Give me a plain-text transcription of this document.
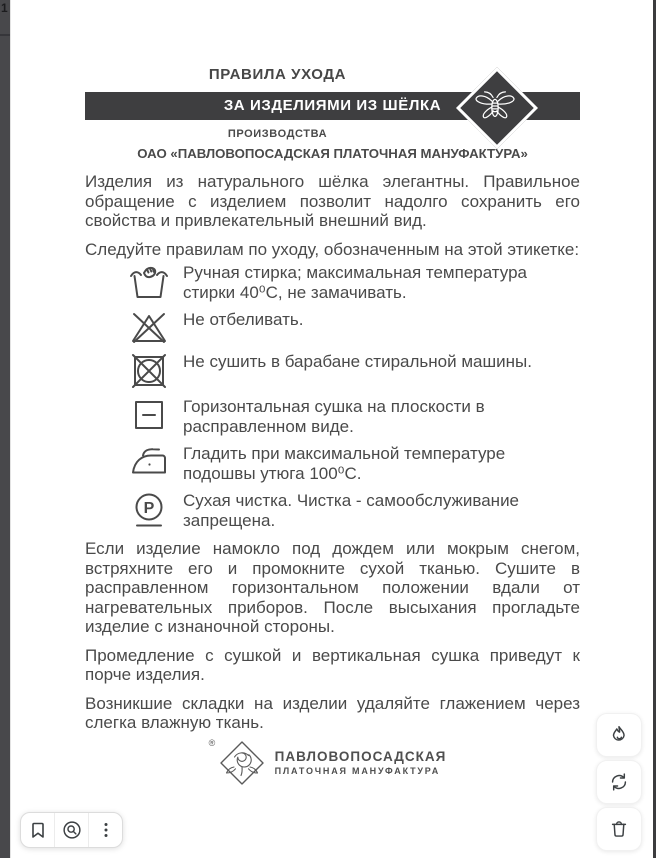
1
ПРАВИЛА УХОДА
ЗА ИЗДЕЛИЯМИ ИЗ ШЁЛКА
ПРОИЗВОДСТВА
ОАО «ПАВЛОВОПОСАДСКАЯ ПЛАТОЧНАЯ МАНУФАКТУРА»

Изделия из натурального шёлка элегантны. Правильное обращение с изделием позволит надолго сохранить его свойства и привлекательный внешний вид.

Следуйте правилам по уходу, обозначенным на этой этикетке:

Ручная стирка; максимальная температура стирки 40⁰С, не замачивать.
Не отбеливать.
Не сушить в барабане стиральной машины.
Горизонтальная сушка на плоскости в расправленном виде.
Гладить при максимальной температуре подошвы утюга 100⁰С.
P Сухая чистка. Чистка - самообслуживание запрещена.

Если изделие намокло под дождем или мокрым снегом, встряхните его и промокните сухой тканью. Сушите в расправленном горизонтальном положении вдали от нагревательных приборов. После высыхания прогладьте изделие с изнаночной стороны.

Промедление с сушкой и вертикальная сушка приведут к порче изделия.

Возникшие складки на изделии удаляйте глажением через слегка влажную ткань.

®
ПАВЛОВОПОСАДСКАЯ
ПЛАТОЧНАЯ МАНУФАКТУРА
